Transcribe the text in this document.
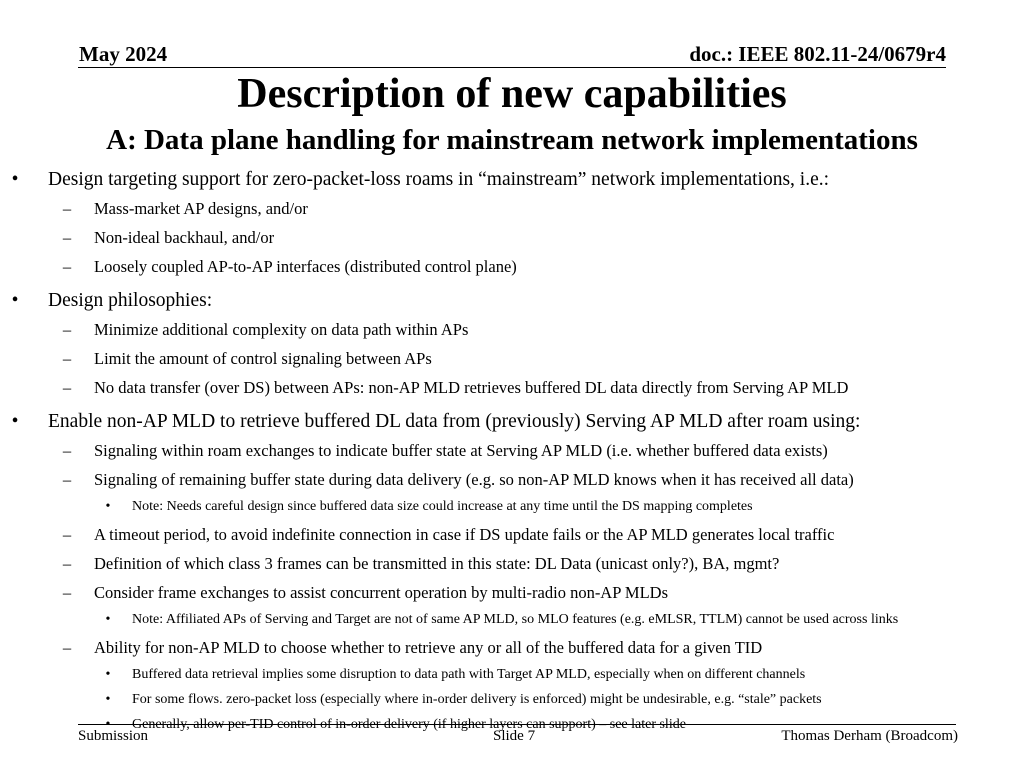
May 2024	doc.: IEEE 802.11-24/0679r4
Description of new capabilities
A: Data plane handling for mainstream network implementations
• Design targeting support for zero-packet-loss roams in “mainstream” network implementations, i.e.:
– Mass-market AP designs, and/or
– Non-ideal backhaul, and/or
– Loosely coupled AP-to-AP interfaces (distributed control plane)
• Design philosophies:
– Minimize additional complexity on data path within APs
– Limit the amount of control signaling between APs
– No data transfer (over DS) between APs: non-AP MLD retrieves buffered DL data directly from Serving AP MLD
• Enable non-AP MLD to retrieve buffered DL data from (previously) Serving AP MLD after roam using:
– Signaling within roam exchanges to indicate buffer state at Serving AP MLD (i.e. whether buffered data exists)
– Signaling of remaining buffer state during data delivery (e.g. so non-AP MLD knows when it has received all data)
•	Note: Needs careful design since buffered data size could increase at any time until the DS mapping completes
– A timeout period, to avoid indefinite connection in case if DS update fails or the AP MLD generates local traffic
– Definition of which class 3 frames can be transmitted in this state: DL Data (unicast only?), BA, mgmt?
– Consider frame exchanges to assist concurrent operation by multi-radio non-AP MLDs
•	Note: Affiliated APs of Serving and Target are not of same AP MLD, so MLO features (e.g. eMLSR, TTLM) cannot be used across links
– Ability for non-AP MLD to choose whether to retrieve any or all of the buffered data for a given TID
•	Buffered data retrieval implies some disruption to data path with Target AP MLD, especially when on different channels
•	For some flows. zero-packet loss (especially where in-order delivery is enforced) might be undesirable, e.g. “stale” packets
•	Generally, allow per-TID control of in-order delivery (if higher layers can support) – see later slide
Submission	Slide 7	Thomas Derham (Broadcom)
